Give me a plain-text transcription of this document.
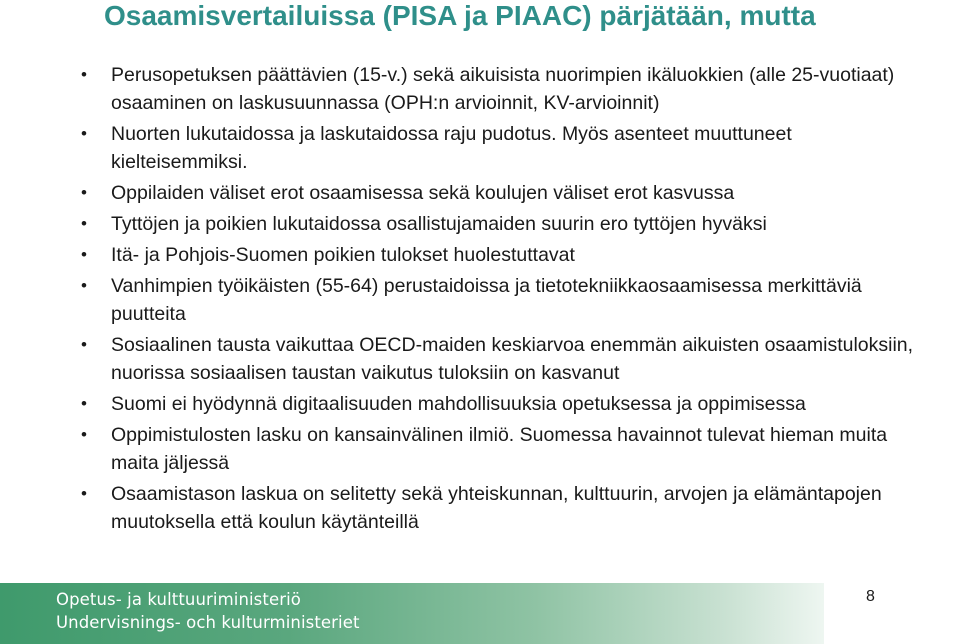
Osaamisvertailuissa (PISA ja PIAAC) pärjätään, mutta
• Perusopetuksen päättävien (15-v.) sekä aikuisista nuorimpien ikäluokkien (alle 25-vuotiaat) osaaminen on laskusuunnassa (OPH:n arvioinnit, KV-arvioinnit)
• Nuorten lukutaidossa ja laskutaidossa raju pudotus. Myös asenteet muuttuneet kielteisemmiksi.
• Oppilaiden väliset erot osaamisessa sekä koulujen väliset erot kasvussa
• Tyttöjen ja poikien lukutaidossa osallistujamaiden suurin ero tyttöjen hyväksi
• Itä- ja Pohjois-Suomen poikien tulokset huolestuttavat
• Vanhimpien työikäisten (55-64) perustaidoissa ja tietotekniikkaosaamisessa merkittäviä puutteita
• Sosiaalinen tausta vaikuttaa OECD-maiden keskiarvoa enemmän aikuisten osaamistuloksiin, nuorissa sosiaalisen taustan vaikutus tuloksiin on kasvanut
• Suomi ei hyödynnä digitaalisuuden mahdollisuuksia opetuksessa ja oppimisessa
• Oppimistulosten lasku on kansainvälinen ilmiö. Suomessa havainnot tulevat hieman muita maita jäljessä
• Osaamistason laskua on selitetty sekä yhteiskunnan, kulttuurin, arvojen ja elämäntapojen muutoksella että koulun käytänteillä
Opetus- ja kulttuuriministeriö
Undervisnings- och kulturministeriet
8
